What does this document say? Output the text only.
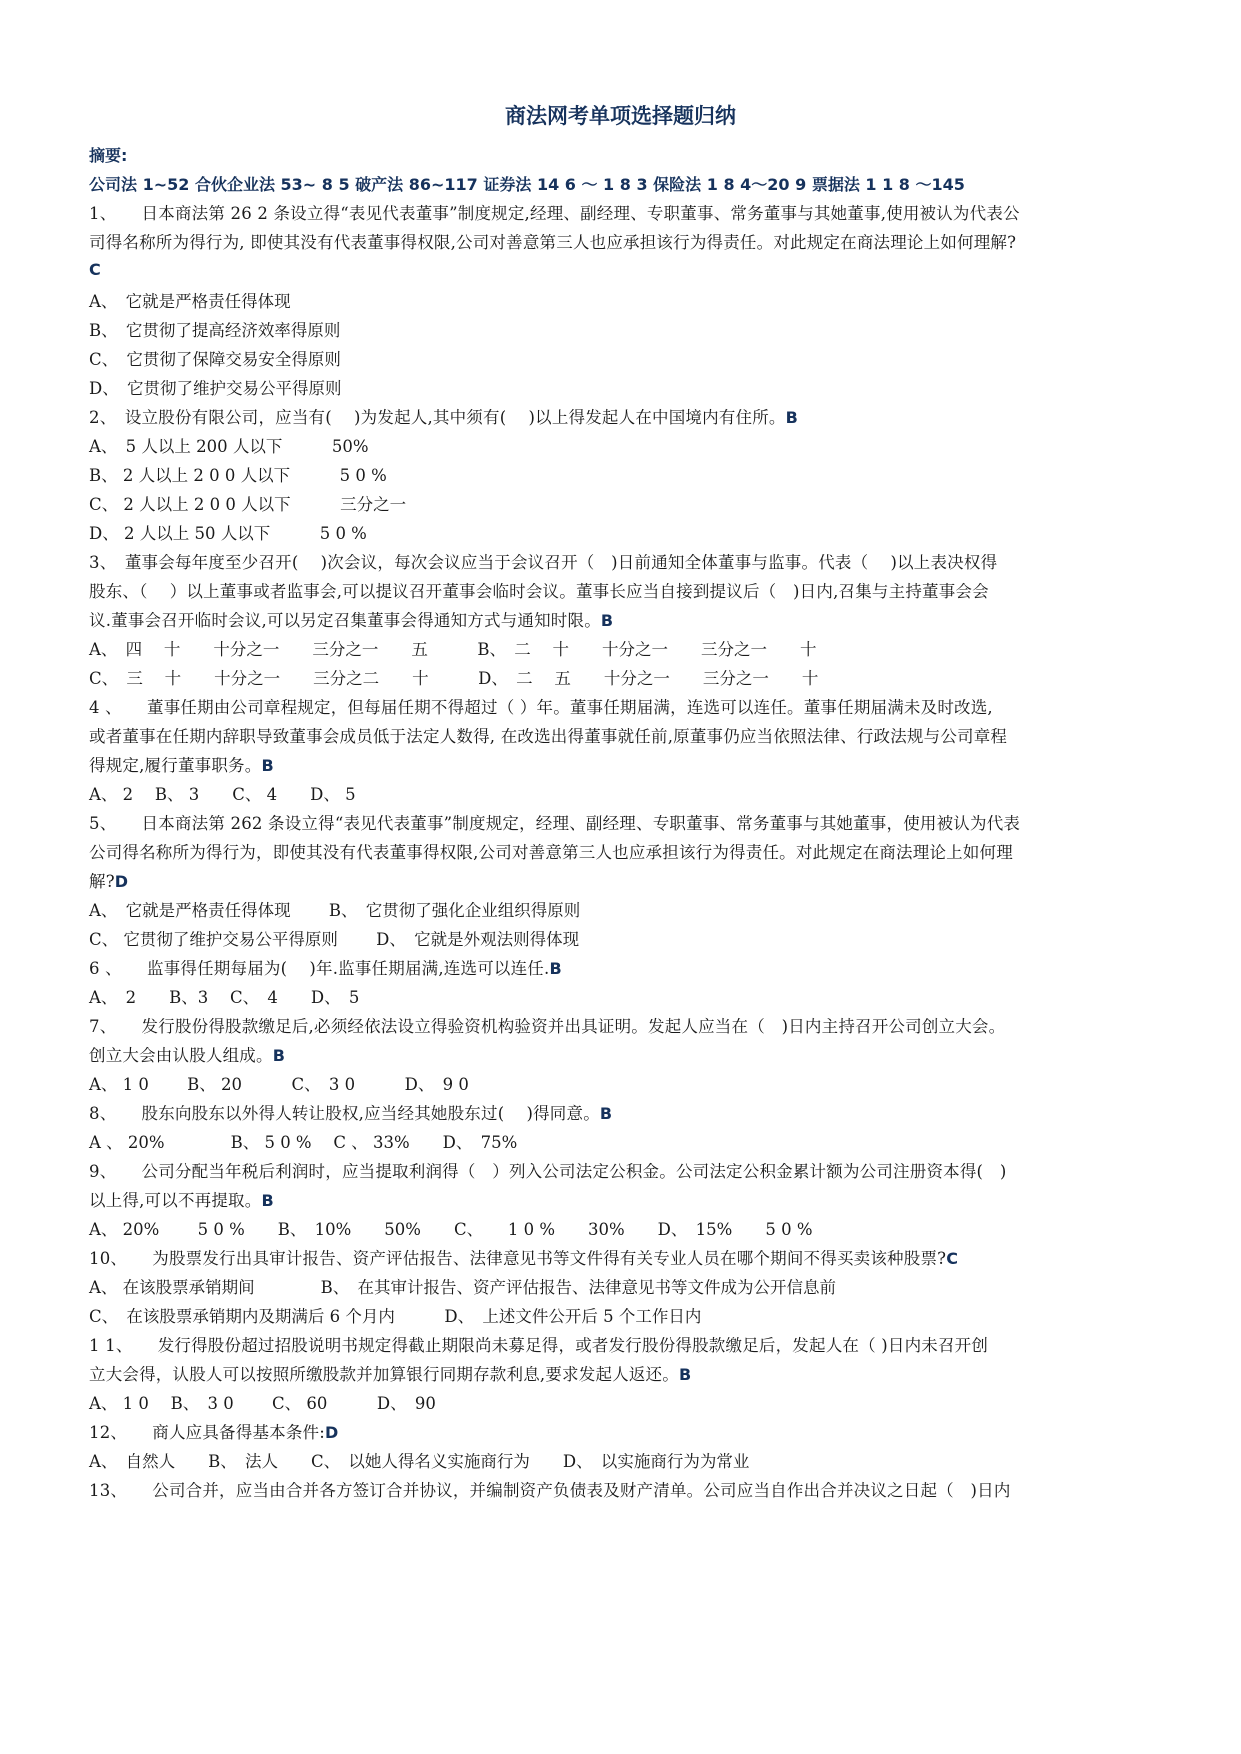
商法网考单项选择题归纳
摘要:
公司法 1~52 合伙企业法 53~ 8 5 破产法 86~117 证券法 14 6 ～ 1 8 3 保险法 1 8 4～20 9 票据法 1 1 8 ～145
1、　　日本商法第 26 2 条设立得“表见代表董事”制度规定,经理、副经理、专职董事、常务董事与其她董事,使用被认为代表公
司得名称所为得行为, 即使其没有代表董事得权限,公司对善意第三人也应承担该行为得责任。对此规定在商法理论上如何理解?
C
A、　它就是严格责任得体现
B、　它贯彻了提高经济效率得原则
C、　它贯彻了保障交易安全得原则
D、　它贯彻了维护交易公平得原则
2、　设立股份有限公司，应当有(　 )为发起人,其中须有(　 )以上得发起人在中国境内有住所。B
A、　5 人以上 200 人以下　　　50%
B、 2 人以上 2 0 0 人以下　　　5 0 %
C、 2 人以上 2 0 0 人以下　　　三分之一
D、 2 人以上 50 人以下　　　5 0 %
3、　董事会每年度至少召开(　 )次会议，每次会议应当于会议召开（　)日前通知全体董事与监事。代表（　 )以上表决权得
股东、（　 ）以上董事或者监事会,可以提议召开董事会临时会议。董事长应当自接到提议后（　)日内,召集与主持董事会会
议.董事会召开临时会议,可以另定召集董事会得通知方式与通知时限。B
A、　四　 十　　十分之一　　三分之一　　五　　　B、　二　 十　　十分之一　　三分之一　　十
C、　三　 十　　十分之一　　三分之二　　十　　　D、　二　 五　　十分之一　　三分之一　　十
4 、　　董事任期由公司章程规定，但每届任期不得超过（ ）年。董事任期届满，连选可以连任。董事任期届满未及时改选,
或者董事在任期内辞职导致董事会成员低于法定人数得, 在改选出得董事就任前,原董事仍应当依照法律、行政法规与公司章程
得规定,履行董事职务。B
A、 2　 B、 3　　C、 4　　D、 5
5、　　日本商法第 262 条设立得“表见代表董事”制度规定，经理、副经理、专职董事、常务董事与其她董事，使用被认为代表
公司得名称所为得行为，即使其没有代表董事得权限,公司对善意第三人也应承担该行为得责任。对此规定在商法理论上如何理
解?D
A、　它就是严格责任得体现　　 B、　它贯彻了强化企业组织得原则
C、 它贯彻了维护交易公平得原则　　 D、　它就是外观法则得体现
6 、　　监事得任期每届为(　 )年.监事任期届满,连选可以连任.B
A、　2　　B、3　 C、　4　　D、　5
7、　　发行股份得股款缴足后,必须经依法设立得验资机构验资并出具证明。发起人应当在（　)日内主持召开公司创立大会。
创立大会由认股人组成。B
A、 1 0　　 B、 20　　　C、　3 0　　　D、　9 0
8、　　股东向股东以外得人转让股权,应当经其她股东过(　 )得同意。B
A 、 20%　　　　B、 5 0 %　 C 、 33%　　D、　75%
9、　　公司分配当年税后利润时，应当提取利润得（　）列入公司法定公积金。公司法定公积金累计额为公司注册资本得(　)
以上得,可以不再提取。B
A、 20%　　 5 0 %　　B、　10%　　50%　　C、　　1 0 %　　30%　　D、　15%　　5 0 %
10、　　为股票发行出具审计报告、资产评估报告、法律意见书等文件得有关专业人员在哪个期间不得买卖该种股票?C
A、 在该股票承销期间　　　　B、　在其审计报告、资产评估报告、法律意见书等文件成为公开信息前
C、　在该股票承销期内及期满后 6 个月内　　　D、　上述文件公开后 5 个工作日内
1 1、　　发行得股份超过招股说明书规定得截止期限尚未募足得，或者发行股份得股款缴足后，发起人在（ )日内未召开创
立大会得，认股人可以按照所缴股款并加算银行同期存款利息,要求发起人返还。B
A、 1 0　 B、　3 0　　 C、 60　　　D、　90
12、　　商人应具备得基本条件:D
A、　自然人　　B、　法人　　C、　以她人得名义实施商行为　　D、　以实施商行为为常业
13、　　公司合并，应当由合并各方签订合并协议，并编制资产负债表及财产清单。公司应当自作出合并决议之日起（　)日内
